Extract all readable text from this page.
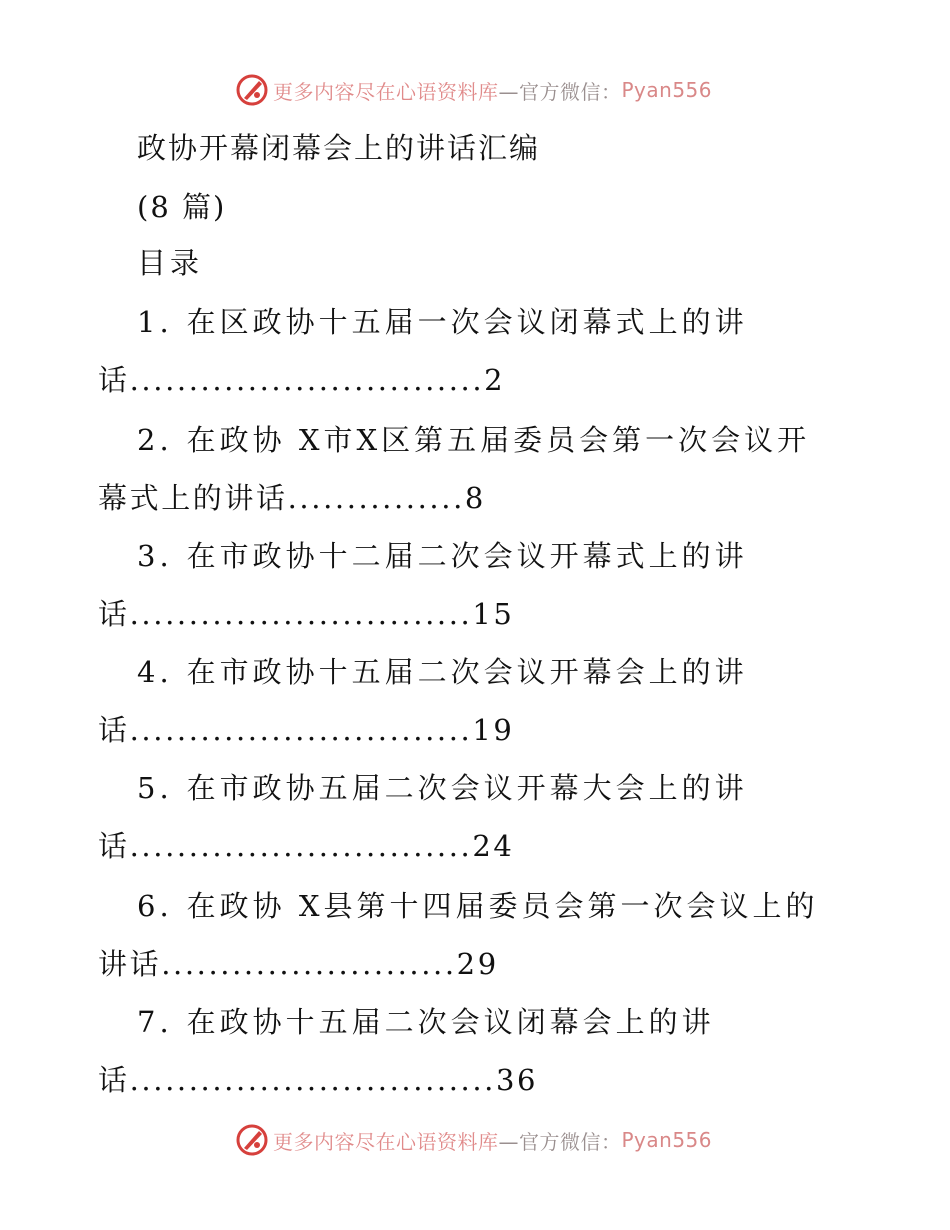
更多内容尽在心语资料库 —官方微信： Pyan556
政协开幕闭幕会上的讲话汇编
(8 篇)
目录
1. 在区政协十五届一次会议闭幕式上的讲
话..............................2
2. 在政协 X市X区第五届委员会第一次会议开
幕式上的讲话...............8
3. 在市政协十二届二次会议开幕式上的讲
话.............................15
4. 在市政协十五届二次会议开幕会上的讲
话.............................19
5. 在市政协五届二次会议开幕大会上的讲
话.............................24
6. 在政协 X县第十四届委员会第一次会议上的
讲话.........................29
7. 在政协十五届二次会议闭幕会上的讲
话...............................36
更多内容尽在心语资料库 —官方微信： Pyan556
